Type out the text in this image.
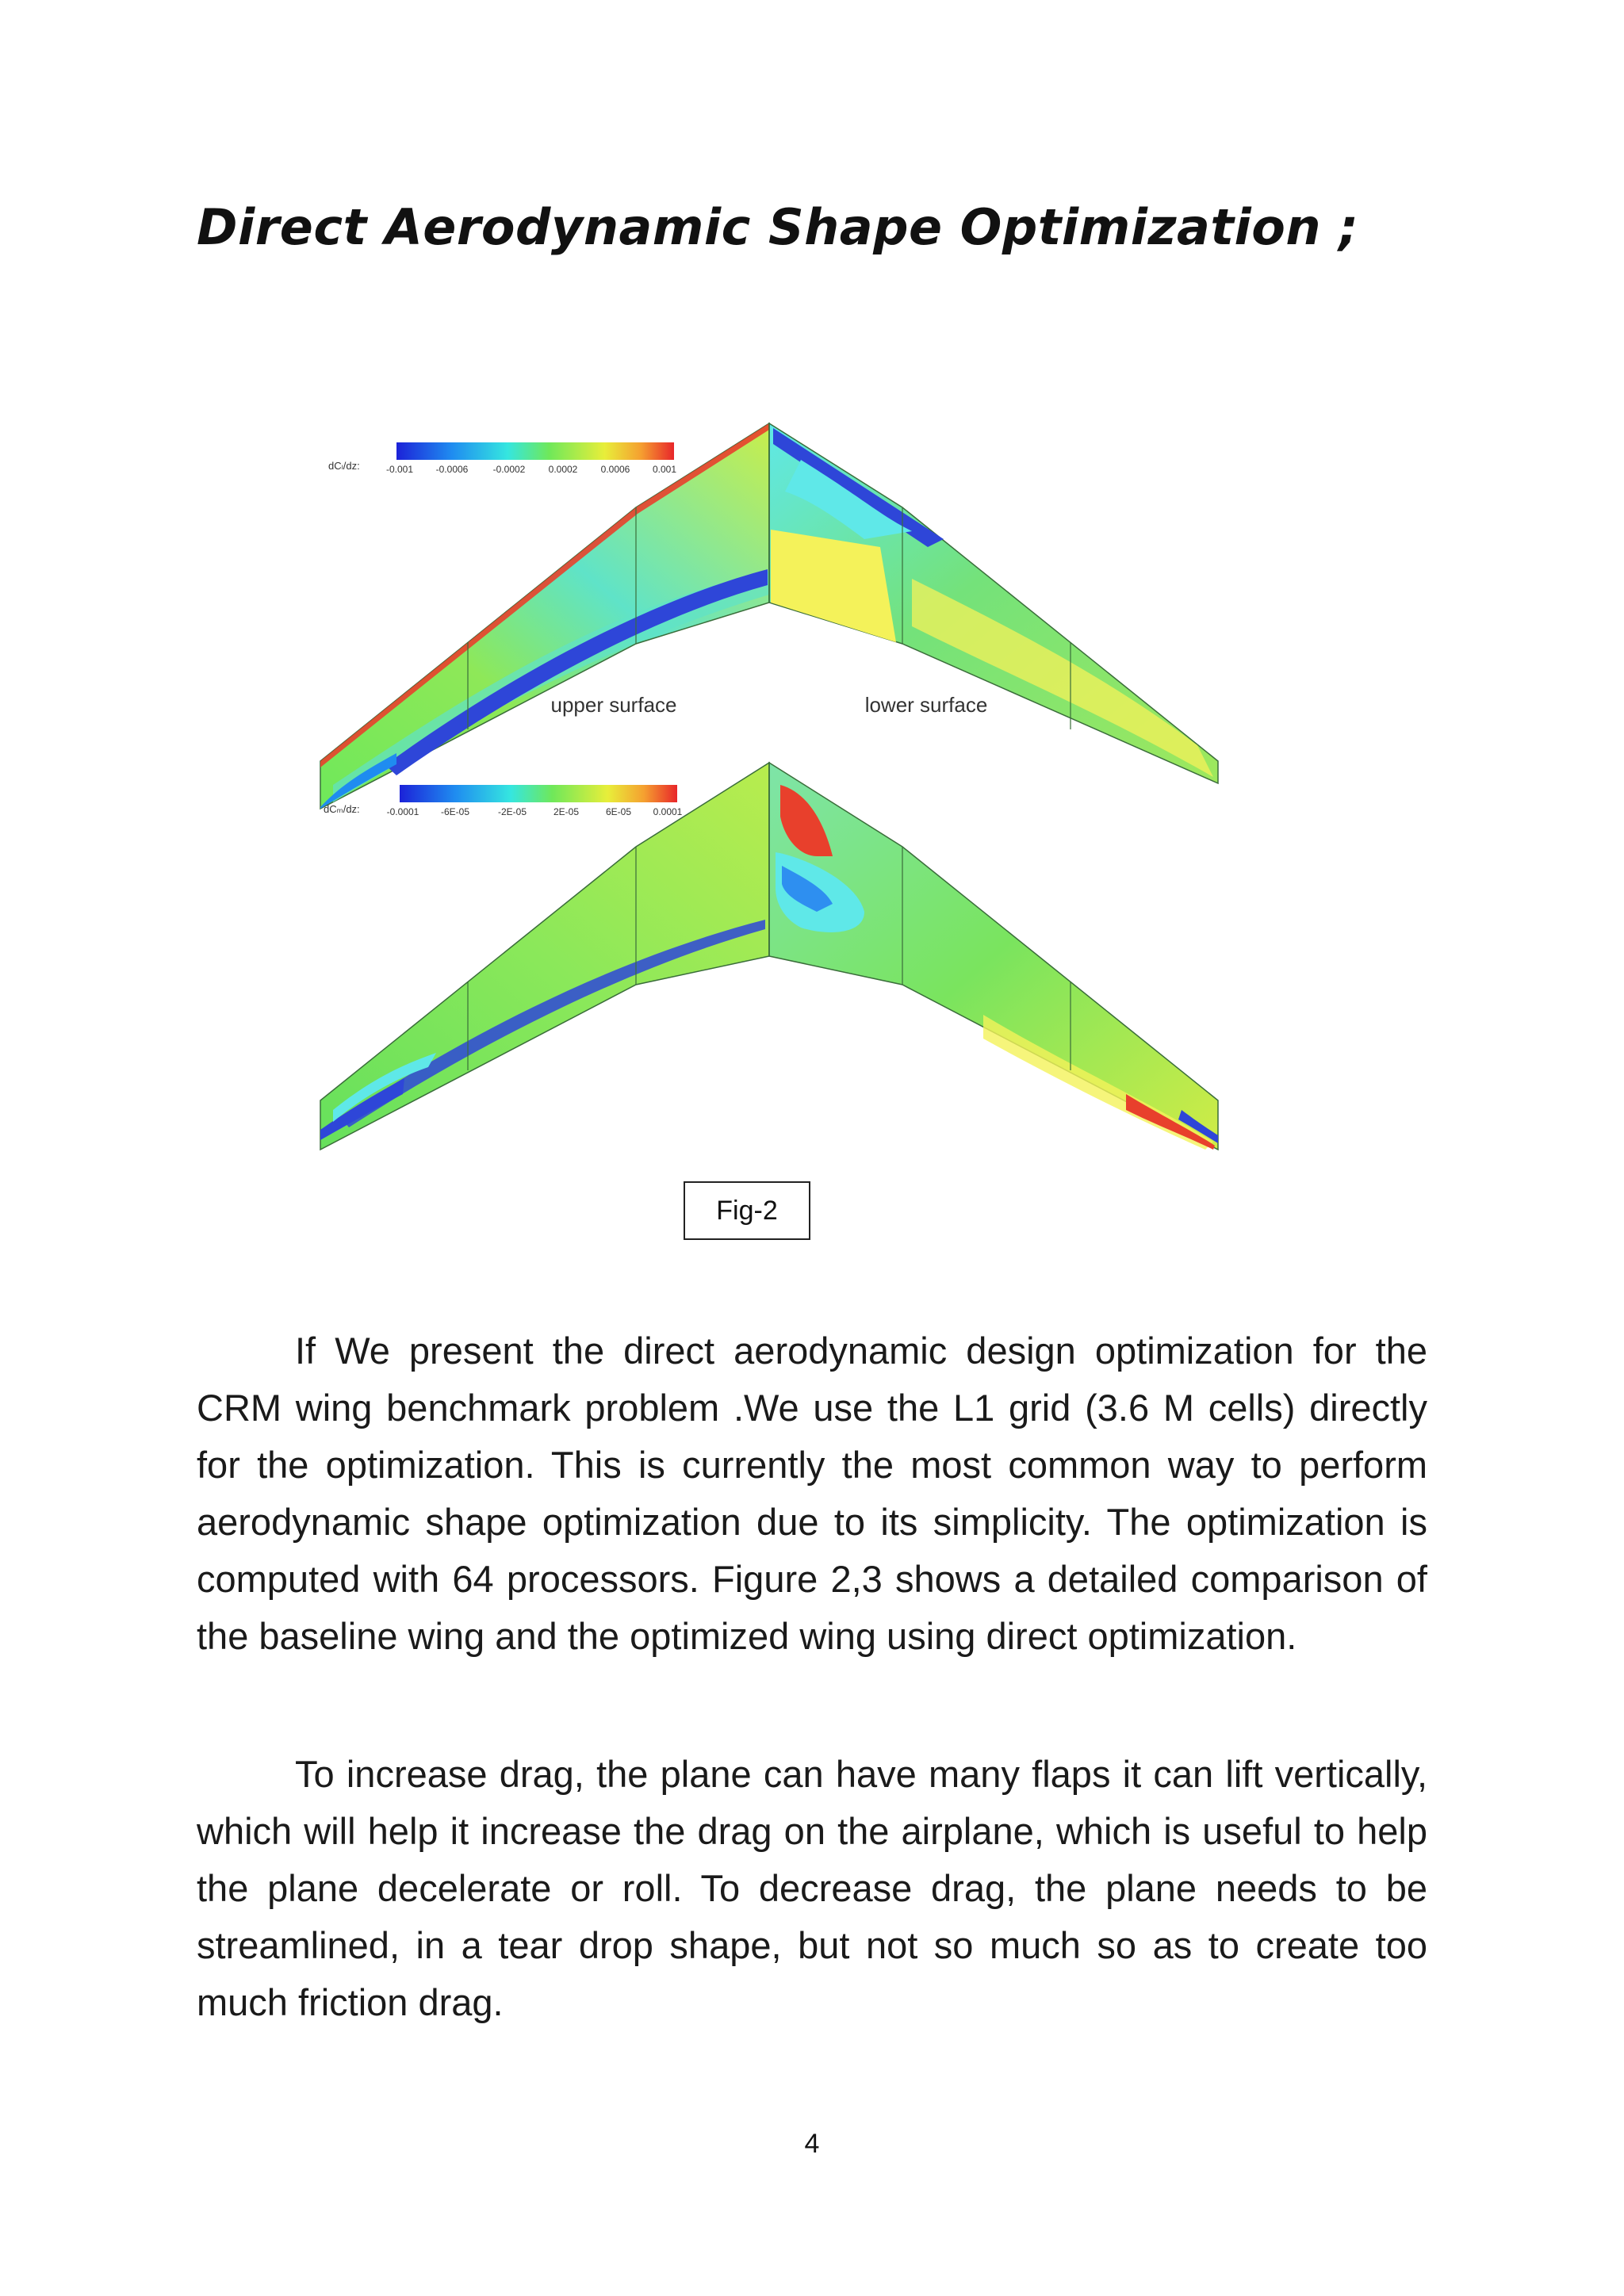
Direct Aerodynamic Shape Optimization ;
dCₗ/dz:	-0.001 -0.0006	-0.0002 0.0002 0.0006 0.001
upper surface	lower surface
dCₘ/dz:	-0.0001 -6E-05	-2E-05	2E-05	6E-05 0.0001
Fig-2

If We present the direct aerodynamic design optimization for the CRM wing benchmark problem .We use the L1 grid (3.6 M cells) directly for the optimization. This is currently the most common way to perform aerodynamic shape optimization due to its simplicity. The optimization is computed with 64 processors. Figure 2,3 shows a detailed comparison of the baseline wing and the optimized wing using direct optimization.

To increase drag, the plane can have many flaps it can lift vertically, which will help it increase the drag on the airplane, which is useful to help the plane decelerate or roll. To decrease drag, the plane needs to be streamlined, in a tear drop shape, but not so much so as to create too much friction drag.

4
